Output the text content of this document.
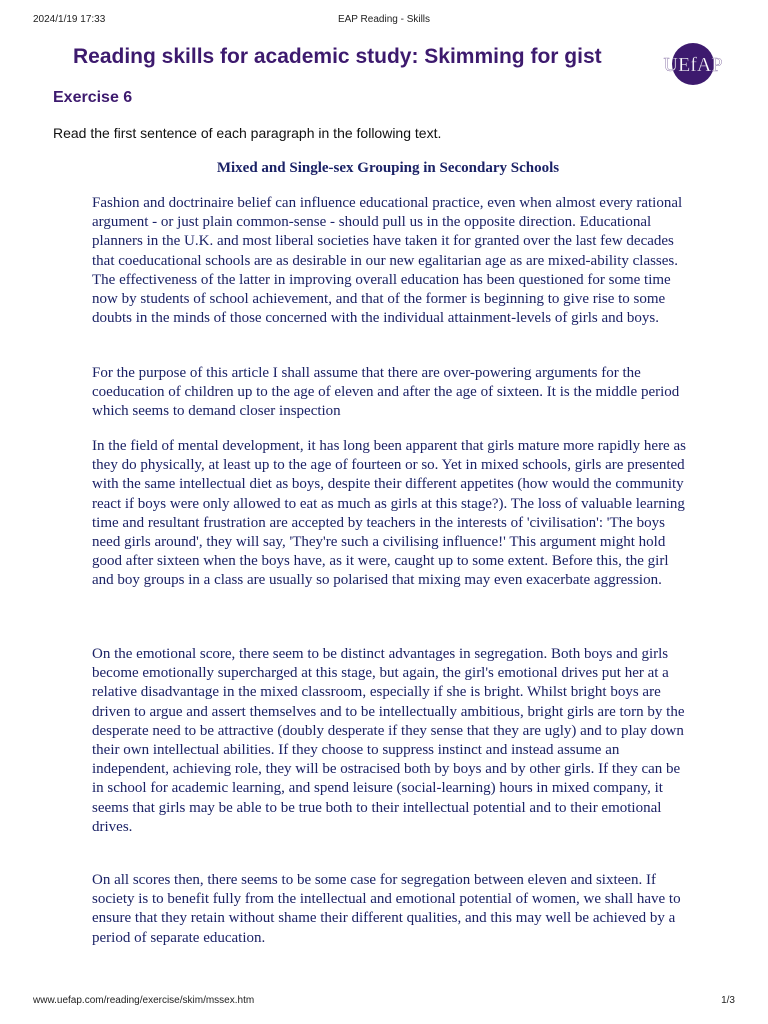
2024/1/19 17:33	EAP Reading - Skills
Reading skills for academic study: Skimming for gist	UEfAP
Exercise 6

Read the first sentence of each paragraph in the following text.

Mixed and Single-sex Grouping in Secondary Schools

Fashion and doctrinaire belief can influence educational practice, even when almost every rational argument - or just plain common-sense - should pull us in the opposite direction. Educational planners in the U.K. and most liberal societies have taken it for granted over the last few decades that coeducational schools are as desirable in our new egalitarian age as are mixed-ability classes. The effectiveness of the latter in improving overall education has been questioned for some time now by students of school achievement, and that of the former is beginning to give rise to some doubts in the minds of those concerned with the individual attainment-levels of girls and boys.

For the purpose of this article I shall assume that there are over-powering arguments for the coeducation of children up to the age of eleven and after the age of sixteen. It is the middle period which seems to demand closer inspection

In the field of mental development, it has long been apparent that girls mature more rapidly here as they do physically, at least up to the age of fourteen or so. Yet in mixed schools, girls are presented with the same intellectual diet as boys, despite their different appetites (how would the community react if boys were only allowed to eat as much as girls at this stage?). The loss of valuable learning time and resultant frustration are accepted by teachers in the interests of 'civilisation': 'The boys need girls around', they will say, 'They're such a civilising influence!' This argument might hold good after sixteen when the boys have, as it were, caught up to some extent. Before this, the girl and boy groups in a class are usually so polarised that mixing may even exacerbate aggression.

On the emotional score, there seem to be distinct advantages in segregation. Both boys and girls become emotionally supercharged at this stage, but again, the girl's emotional drives put her at a relative disadvantage in the mixed classroom, especially if she is bright. Whilst bright boys are driven to argue and assert themselves and to be intellectually ambitious, bright girls are torn by the desperate need to be attractive (doubly desperate if they sense that they are ugly) and to play down their own intellectual abilities. If they choose to suppress instinct and instead assume an independent, achieving role, they will be ostracised both by boys and by other girls. If they can be in school for academic learning, and spend leisure (social-learning) hours in mixed company, it seems that girls may be able to be true both to their intellectual potential and to their emotional drives.

On all scores then, there seems to be some case for segregation between eleven and sixteen. If society is to benefit fully from the intellectual and emotional potential of women, we shall have to ensure that they retain without shame their different qualities, and this may well be achieved by a period of separate education.

www.uefap.com/reading/exercise/skim/mssex.htm	1/3
